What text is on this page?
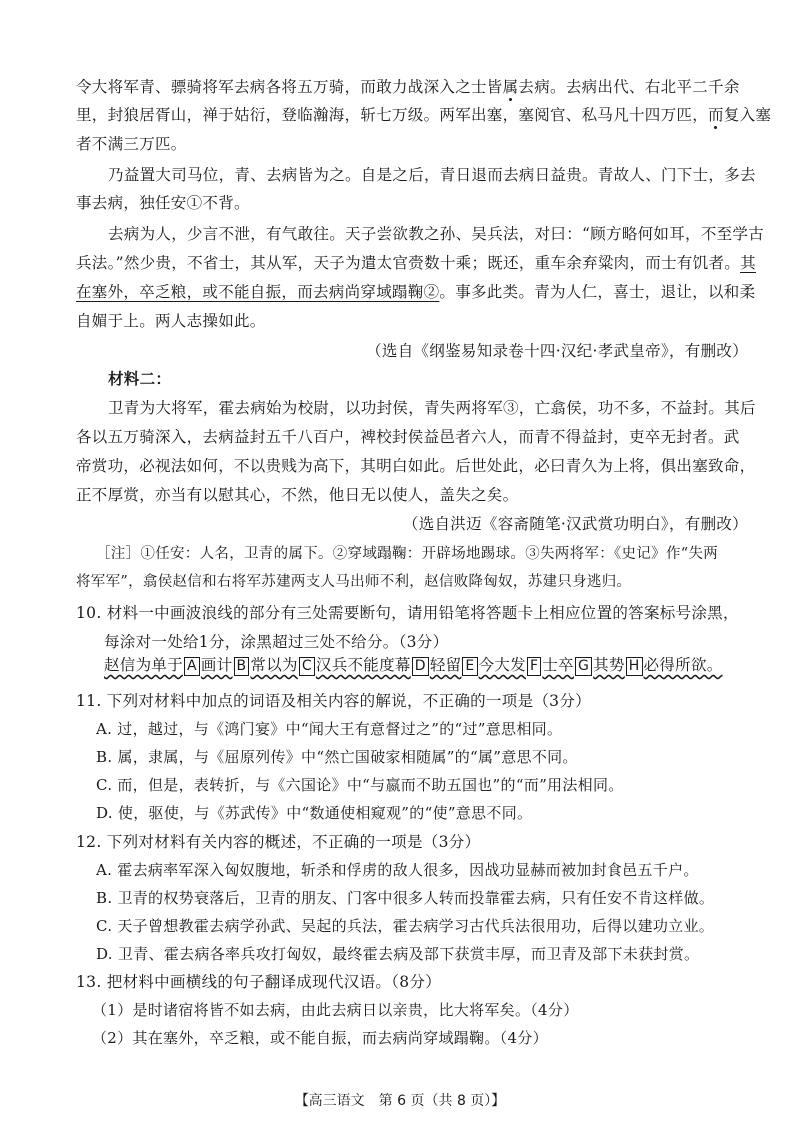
令大将军青、骠骑将军去病各将五万骑，而敢力战深入之士皆属去病。去病出代、右北平二千余
里，封狼居胥山，禅于姑衍，登临瀚海，斩七万级。两军出塞，塞阅官、私马凡十四万匹，而复入塞
者不满三万匹。
乃益置大司马位，青、去病皆为之。自是之后，青日退而去病日益贵。青故人、门下士，多去
事去病，独任安①不背。
去病为人，少言不泄，有气敢往。天子尝欲教之孙、吴兵法，对曰：“顾方略何如耳，不至学古
兵法。”然少贵，不省士，其从军，天子为遣太官赍数十乘；既还，重车余弃粱肉，而士有饥者。其
在塞外，卒乏粮，或不能自振，而去病尚穿域蹋鞠②。事多此类。青为人仁，喜士，退让，以和柔
自媚于上。两人志操如此。
（选自《纲鉴易知录卷十四·汉纪·孝武皇帝》，有删改）
材料二：
卫青为大将军，霍去病始为校尉，以功封侯，青失两将军③，亡翕侯，功不多，不益封。其后
各以五万骑深入，去病益封五千八百户，裨校封侯益邑者六人，而青不得益封，吏卒无封者。武
帝赏功，必视法如何，不以贵贱为高下，其明白如此。后世处此，必曰青久为上将，俱出塞致命，
正不厚赏，亦当有以慰其心，不然，他日无以使人，盖失之矣。
（选自洪迈《容斋随笔·汉武赏功明白》，有删改）
［注］①任安：人名，卫青的属下。②穿域蹋鞠：开辟场地踢球。③失两将军：《史记》作“失两
将军军”，翕侯赵信和右将军苏建两支人马出师不利，赵信败降匈奴，苏建只身逃归。
10. 材料一中画波浪线的部分有三处需要断句，请用铅笔将答题卡上相应位置的答案标号涂黑，
每涂对一处给1分，涂黑超过三处不给分。（3分）
赵信为单于 A 画计 B 常以为 C 汉兵不能度幕 D 轻留 E 今大发 F 士卒 G 其势 H 必得所欲。
11. 下列对材料中加点的词语及相关内容的解说，不正确的一项是（3分）
A. 过，越过，与《鸿门宴》中“闻大王有意督过之”的“过”意思相同。
B. 属，隶属，与《屈原列传》中“然亡国破家相随属”的“属”意思不同。
C. 而，但是，表转折，与《六国论》中“与嬴而不助五国也”的“而”用法相同。
D. 使，驱使，与《苏武传》中“数通使相窥观”的“使”意思不同。
12. 下列对材料有关内容的概述，不正确的一项是（3分）
A. 霍去病率军深入匈奴腹地，斩杀和俘虏的敌人很多，因战功显赫而被加封食邑五千户。
B. 卫青的权势衰落后，卫青的朋友、门客中很多人转而投靠霍去病，只有任安不肯这样做。
C. 天子曾想教霍去病学孙武、吴起的兵法，霍去病学习古代兵法很用功，后得以建功立业。
D. 卫青、霍去病各率兵攻打匈奴，最终霍去病及部下获赏丰厚，而卫青及部下未获封赏。
13. 把材料中画横线的句子翻译成现代汉语。（8分）
（1）是时诸宿将皆不如去病，由此去病日以亲贵，比大将军矣。（4分）
（2）其在塞外，卒乏粮，或不能自振，而去病尚穿域蹋鞠。（4分）
【高三语文　第 6 页（共 8 页）】
